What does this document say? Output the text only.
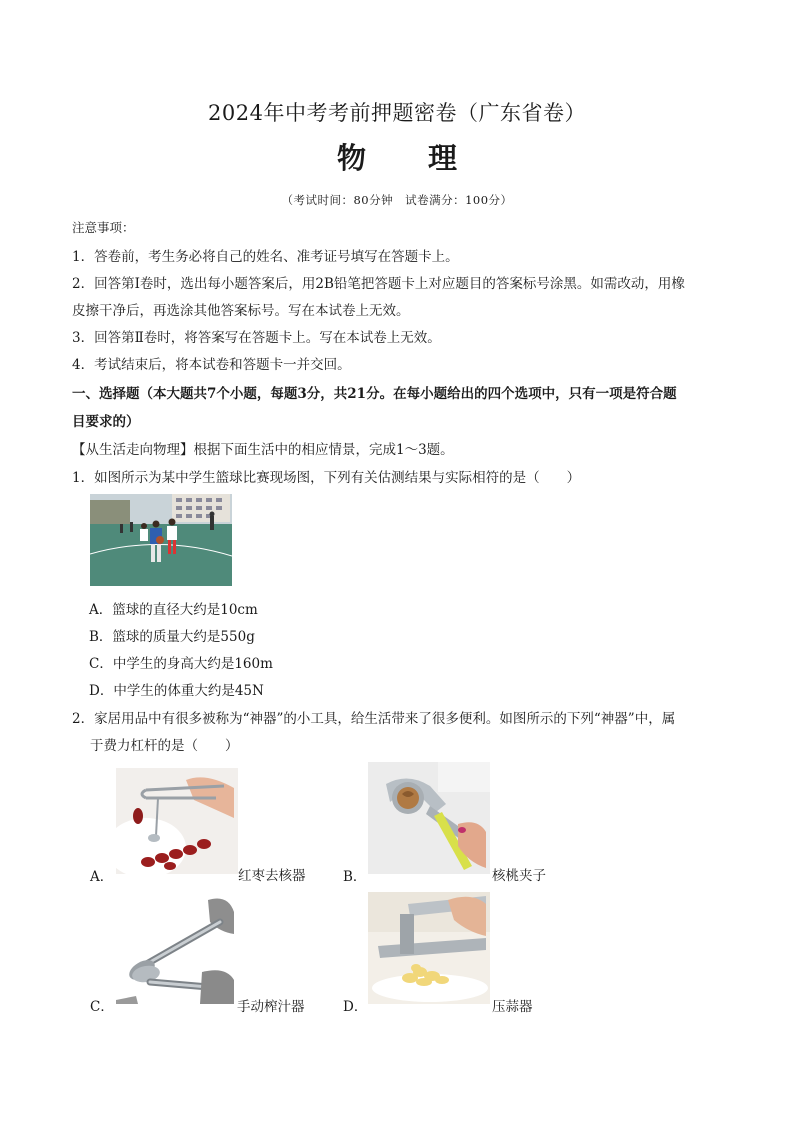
2024年中考考前押题密卷（广东省卷）
物 理
（考试时间：80分钟　试卷满分：100分）
注意事项：
1．答卷前，考生务必将自己的姓名、准考证号填写在答题卡上。
2．回答第Ⅰ卷时，选出每小题答案后，用2B铅笔把答题卡上对应题目的答案标号涂黑。如需改动，用橡
皮擦干净后，再选涂其他答案标号。写在本试卷上无效。
3．回答第Ⅱ卷时，将答案写在答题卡上。写在本试卷上无效。
4．考试结束后，将本试卷和答题卡一并交回。
一、选择题（本大题共7个小题，每题3分，共21分。在每小题给出的四个选项中，只有一项是符合题
目要求的）
【从生活走向物理】根据下面生活中的相应情景，完成1～3题。
1．如图所示为某中学生篮球比赛现场图，下列有关估测结果与实际相符的是（　　）
A．篮球的直径大约是10cm
B．篮球的质量大约是550g
C．中学生的身高大约是160m
D．中学生的体重大约是45N
2．家居用品中有很多被称为“神器”的小工具，给生活带来了很多便利。如图所示的下列“神器”中，属
于费力杠杆的是（　　）
A．	红枣去核器	B．	核桃夹子
C．	手动榨汁器	D．	压蒜器
